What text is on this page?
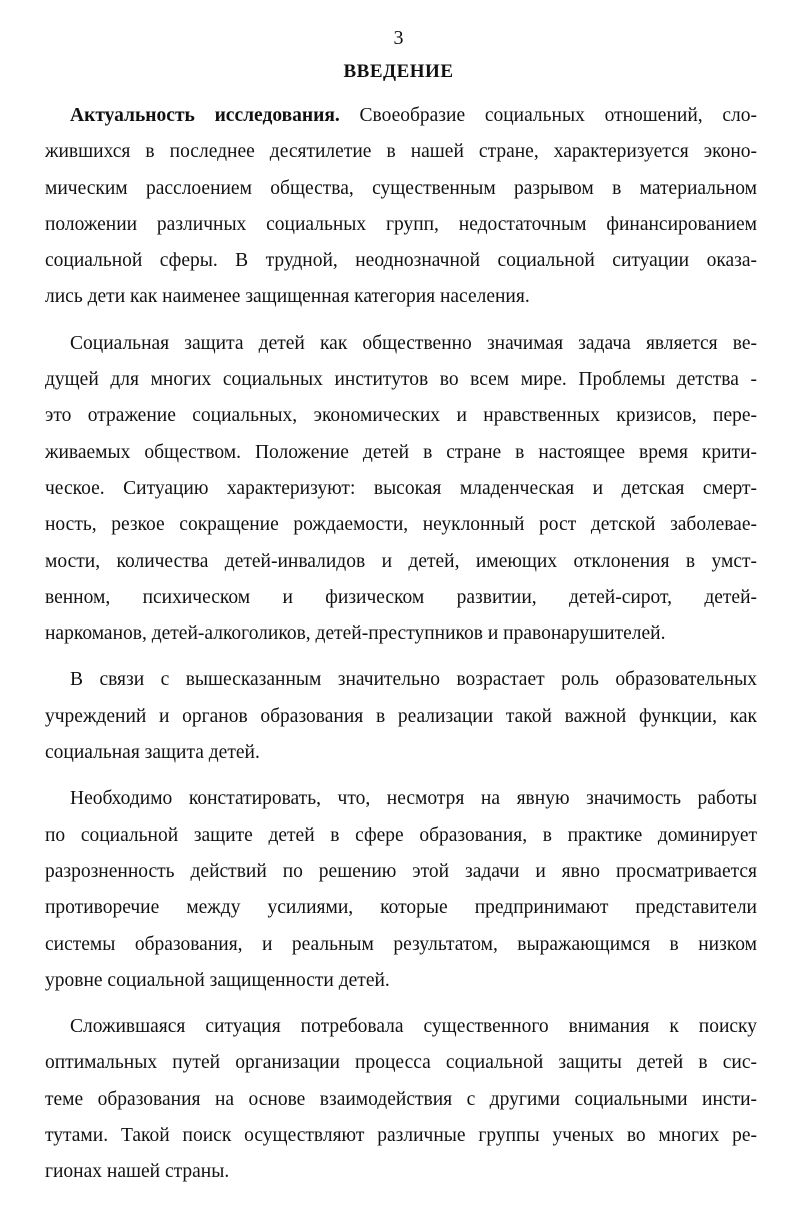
3
ВВЕДЕНИЕ
Актуальность исследования. Своеобразие социальных отношений, сло-
жившихся в последнее десятилетие в нашей стране, характеризуется эконо-
мическим расслоением общества, существенным разрывом в материальном
положении различных социальных групп, недостаточным финансированием
социальной сферы. В трудной, неоднозначной социальной ситуации оказа-
лись дети как наименее защищенная категория населения.
Социальная защита детей как общественно значимая задача является ве-
дущей для многих социальных институтов во всем мире. Проблемы детства -
это отражение социальных, экономических и нравственных кризисов, пере-
живаемых обществом. Положение детей в стране в настоящее время крити-
ческое. Ситуацию характеризуют: высокая младенческая и детская смерт-
ность, резкое сокращение рождаемости, неуклонный рост детской заболевае-
мости, количества детей-инвалидов и детей, имеющих отклонения в умст-
венном, психическом и физическом развитии, детей-сирот, детей-
наркоманов, детей-алкоголиков, детей-преступников и правонарушителей.
В связи с вышесказанным значительно возрастает роль образовательных
учреждений и органов образования в реализации такой важной функции, как
социальная защита детей.
Необходимо констатировать, что, несмотря на явную значимость работы
по социальной защите детей в сфере образования, в практике доминирует
разрозненность действий по решению этой задачи и явно просматривается
противоречие между усилиями, которые предпринимают представители
системы образования, и реальным результатом, выражающимся в низком
уровне социальной защищенности детей.
Сложившаяся ситуация потребовала существенного внимания к поиску
оптимальных путей организации процесса социальной защиты детей в сис-
теме образования на основе взаимодействия с другими социальными инсти-
тутами. Такой поиск осуществляют различные группы ученых во многих ре-
гионах нашей страны.
